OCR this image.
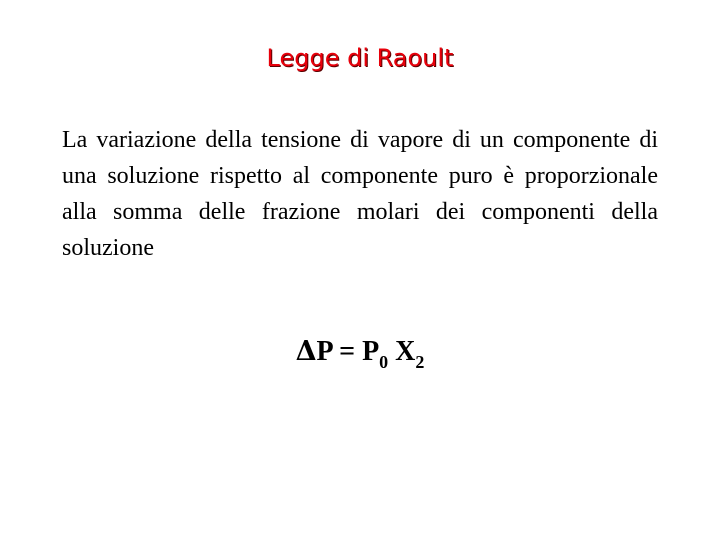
Legge di Raoult

La variazione della tensione di vapore di un componente di una soluzione rispetto al componente puro è proporzionale alla somma delle frazione molari dei componenti della soluzione

$\Delta P = P_0$ $X_2$
